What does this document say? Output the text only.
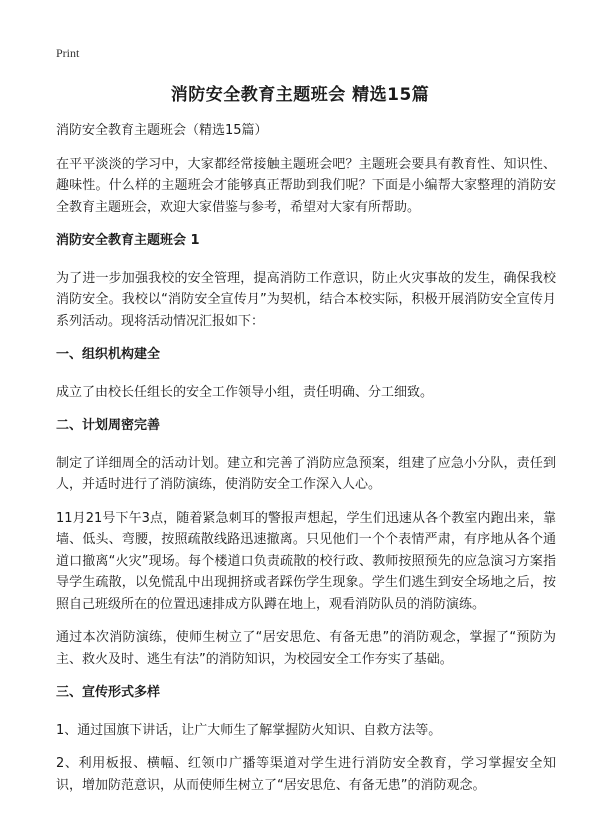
Print
消防安全教育主题班会 精选15篇

消防安全教育主题班会（精选15篇）

在平平淡淡的学习中，大家都经常接触主题班会吧？主题班会要具有教育性、知识性、趣味性。什么样的主题班会才能够真正帮助到我们呢？下面是小编帮大家整理的消防安全教育主题班会，欢迎大家借鉴与参考，希望对大家有所帮助。

消防安全教育主题班会 1

为了进一步加强我校的安全管理，提高消防工作意识，防止火灾事故的发生，确保我校消防安全。我校以“消防安全宣传月”为契机，结合本校实际，积极开展消防安全宣传月系列活动。现将活动情况汇报如下：

一、组织机构建全

成立了由校长任组长的安全工作领导小组，责任明确、分工细致。

二、计划周密完善

制定了详细周全的活动计划。建立和完善了消防应急预案，组建了应急小分队，责任到人，并适时进行了消防演练，使消防安全工作深入人心。

11月21号下午3点，随着紧急刺耳的警报声想起，学生们迅速从各个教室内跑出来，靠墙、低头、弯腰，按照疏散线路迅速撤离。只见他们一个个表情严肃，有序地从各个通道口撤离“火灾”现场。每个楼道口负责疏散的校行政、教师按照预先的应急演习方案指导学生疏散，以免慌乱中出现拥挤或者踩伤学生现象。学生们逃生到安全场地之后，按照自己班级所在的位置迅速排成方队蹲在地上，观看消防队员的消防演练。

通过本次消防演练，使师生树立了“居安思危、有备无患”的消防观念，掌握了“预防为主、救火及时、逃生有法”的消防知识，为校园安全工作夯实了基础。

三、宣传形式多样

1、通过国旗下讲话，让广大师生了解掌握防火知识、自救方法等。

2、利用板报、横幅、红领巾广播等渠道对学生进行消防安全教育，学习掌握安全知识，增加防范意识，从而使师生树立了“居安思危、有备无患”的消防观念。
